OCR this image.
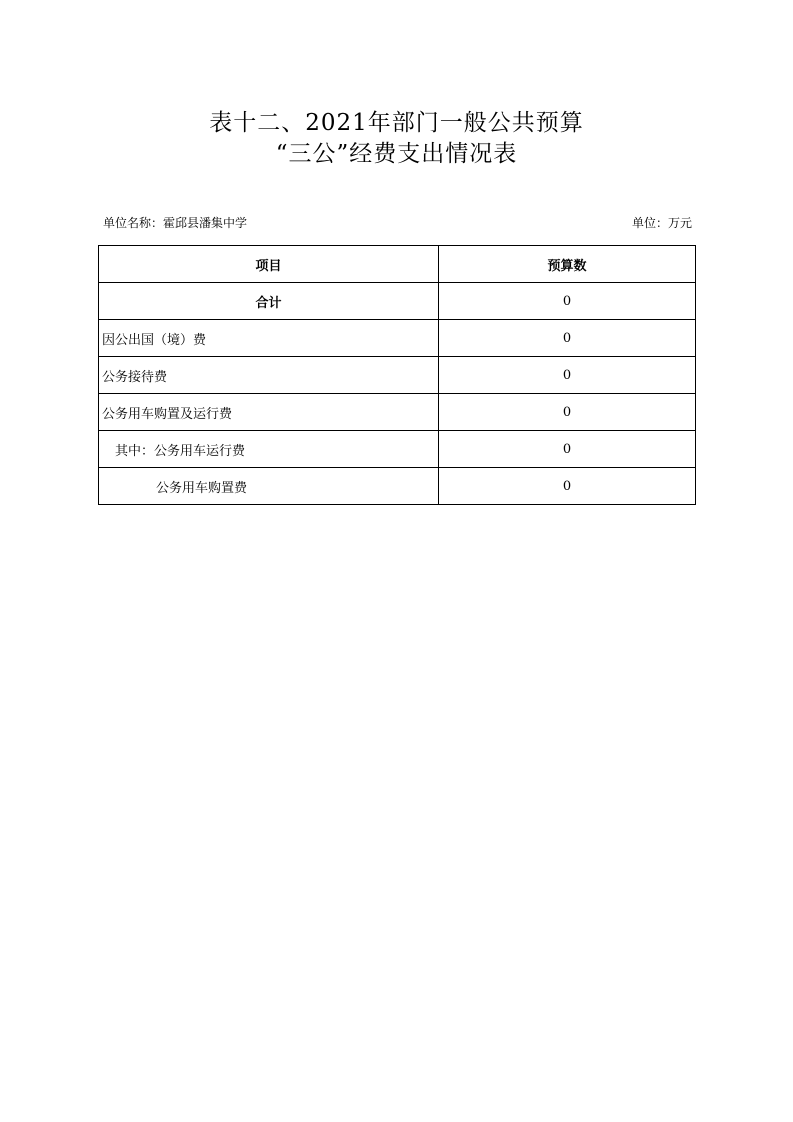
表十二、2021年部门一般公共预算
“三公”经费支出情况表
单位名称：霍邱县潘集中学	单位：万元
项目	预算数
合计	0
因公出国（境）费	0
公务接待费	0
公务用车购置及运行费	0
其中：公务用车运行费	0
公务用车购置费	0
